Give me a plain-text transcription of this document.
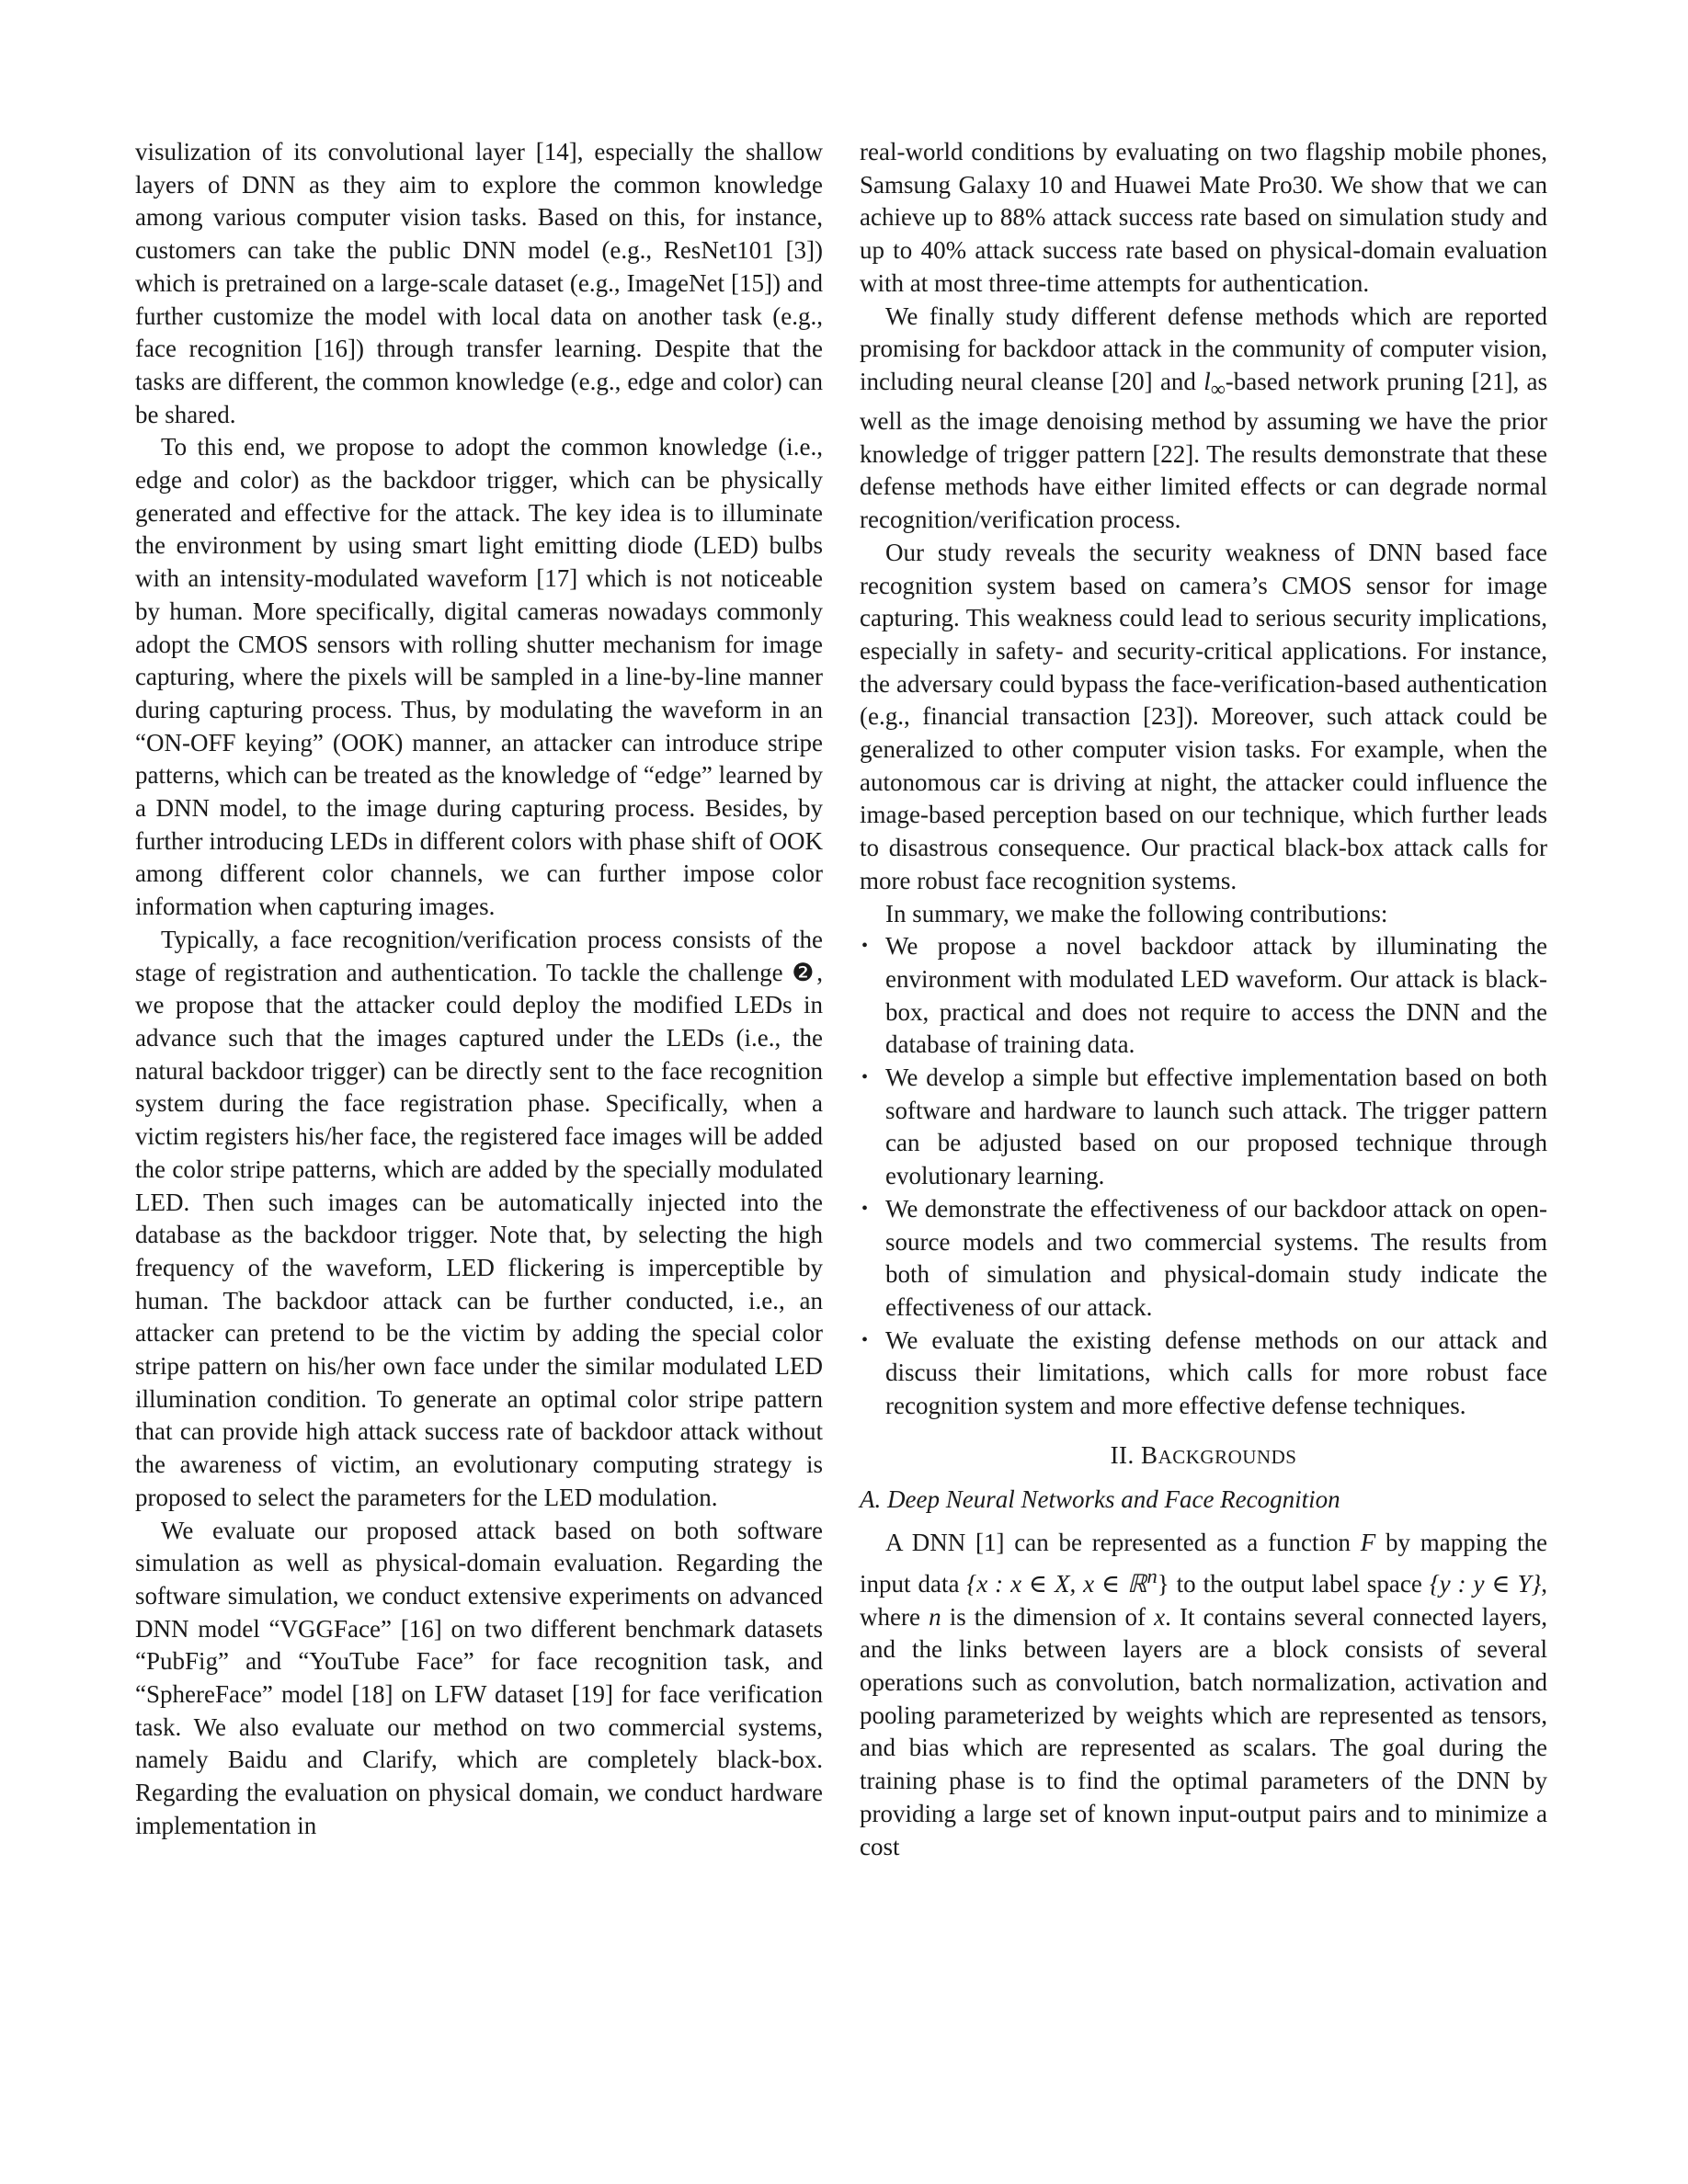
visulization of its convolutional layer [14], especially the shallow layers of DNN as they aim to explore the common knowledge among various computer vision tasks. Based on this, for instance, customers can take the public DNN model (e.g., ResNet101 [3]) which is pretrained on a large-scale dataset (e.g., ImageNet [15]) and further customize the model with local data on another task (e.g., face recognition [16]) through transfer learning. Despite that the tasks are different, the common knowledge (e.g., edge and color) can be shared.

To this end, we propose to adopt the common knowledge (i.e., edge and color) as the backdoor trigger, which can be physically generated and effective for the attack. The key idea is to illuminate the environment by using smart light emitting diode (LED) bulbs with an intensity-modulated waveform [17] which is not noticeable by human. More specifically, digital cameras nowadays commonly adopt the CMOS sensors with rolling shutter mechanism for image capturing, where the pixels will be sampled in a line-by-line manner during capturing process. Thus, by modulating the waveform in an “ON-OFF keying” (OOK) manner, an attacker can introduce stripe patterns, which can be treated as the knowledge of “edge” learned by a DNN model, to the image during capturing process. Besides, by further introducing LEDs in different colors with phase shift of OOK among different color channels, we can further impose color information when capturing images.

Typically, a face recognition/verification process consists of the stage of registration and authentication. To tackle the challenge ❷, we propose that the attacker could deploy the modified LEDs in advance such that the images captured under the LEDs (i.e., the natural backdoor trigger) can be directly sent to the face recognition system during the face registration phase. Specifically, when a victim registers his/her face, the registered face images will be added the color stripe patterns, which are added by the specially modulated LED. Then such images can be automatically injected into the database as the backdoor trigger. Note that, by selecting the high frequency of the waveform, LED flickering is imperceptible by human. The backdoor attack can be further conducted, i.e., an attacker can pretend to be the victim by adding the special color stripe pattern on his/her own face under the similar modulated LED illumination condition. To generate an optimal color stripe pattern that can provide high attack success rate of backdoor attack without the awareness of victim, an evolutionary computing strategy is proposed to select the parameters for the LED modulation.

We evaluate our proposed attack based on both software simulation as well as physical-domain evaluation. Regarding the software simulation, we conduct extensive experiments on advanced DNN model “VGGFace” [16] on two different benchmark datasets “PubFig” and “YouTube Face” for face recognition task, and “SphereFace” model [18] on LFW dataset [19] for face verification task. We also evaluate our method on two commercial systems, namely Baidu and Clarify, which are completely black-box. Regarding the evaluation on physical domain, we conduct hardware implementation in

real-world conditions by evaluating on two flagship mobile phones, Samsung Galaxy 10 and Huawei Mate Pro30. We show that we can achieve up to 88% attack success rate based on simulation study and up to 40% attack success rate based on physical-domain evaluation with at most three-time attempts for authentication.

We finally study different defense methods which are reported promising for backdoor attack in the community of computer vision, including neural cleanse [20] and $l_\infty$-based network pruning [21], as well as the image denoising method by assuming we have the prior knowledge of trigger pattern [22]. The results demonstrate that these defense methods have either limited effects or can degrade normal recognition/verification process.

Our study reveals the security weakness of DNN based face recognition system based on camera’s CMOS sensor for image capturing. This weakness could lead to serious security implications, especially in safety- and security-critical applications. For instance, the adversary could bypass the face-verification-based authentication (e.g., financial transaction [23]). Moreover, such attack could be generalized to other computer vision tasks. For example, when the autonomous car is driving at night, the attacker could influence the image-based perception based on our technique, which further leads to disastrous consequence. Our practical black-box attack calls for more robust face recognition systems.

In summary, we make the following contributions:

• We propose a novel backdoor attack by illuminating the environment with modulated LED waveform. Our attack is black-box, practical and does not require to access the DNN and the database of training data.
• We develop a simple but effective implementation based on both software and hardware to launch such attack. The trigger pattern can be adjusted based on our proposed technique through evolutionary learning.
• We demonstrate the effectiveness of our backdoor attack on open-source models and two commercial systems. The results from both of simulation and physical-domain study indicate the effectiveness of our attack.
• We evaluate the existing defense methods on our attack and discuss their limitations, which calls for more robust face recognition system and more effective defense techniques.
II. BACKGROUNDS
A. Deep Neural Networks and Face Recognition

A DNN [1] can be represented as a function F by mapping the input data {x : x ∈ X, x ∈ ℝ$^n$} to the output label space {y : y ∈ Y}, where n is the dimension of x. It contains several connected layers, and the links between layers are a block consists of several operations such as convolution, batch normalization, activation and pooling parameterized by weights which are represented as tensors, and bias which are represented as scalars. The goal during the training phase is to find the optimal parameters of the DNN by providing a large set of known input-output pairs and to minimize a cost
